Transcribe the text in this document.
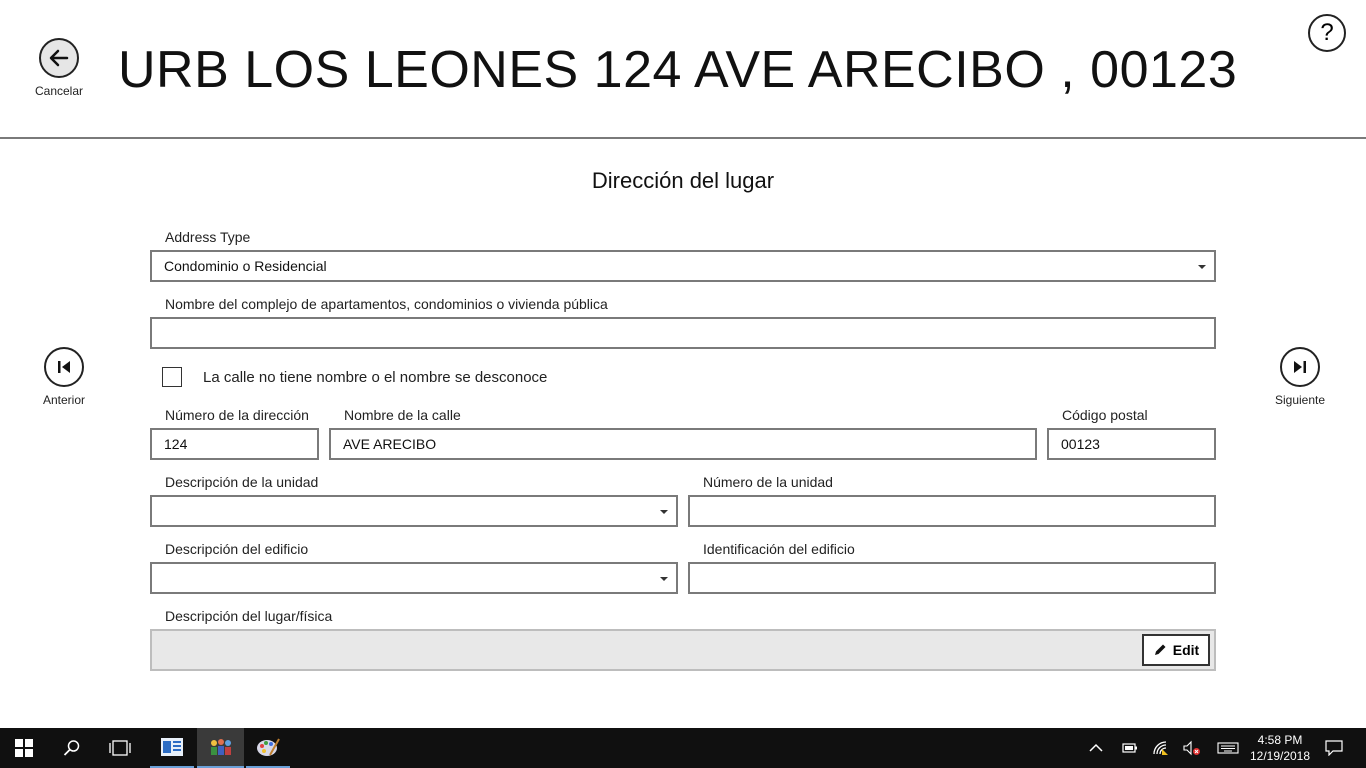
Cancelar URB LOS LEONES 124 AVE ARECIBO , 00123
?
Dirección del lugar
Anterior	Siguiente
Address Type
Condominio o Residencial
Nombre del complejo de apartamentos, condominios o vivienda pública
La calle no tiene nombre o el nombre se desconoce
Número de la dirección
124
Nombre de la calle
AVE ARECIBO
Código postal
00123
Descripción de la unidad	Número de la unidad
Descripción del edificio	Identificación del edificio
Descripción del lugar/física
Edit
4:58 PM
12/19/2018
